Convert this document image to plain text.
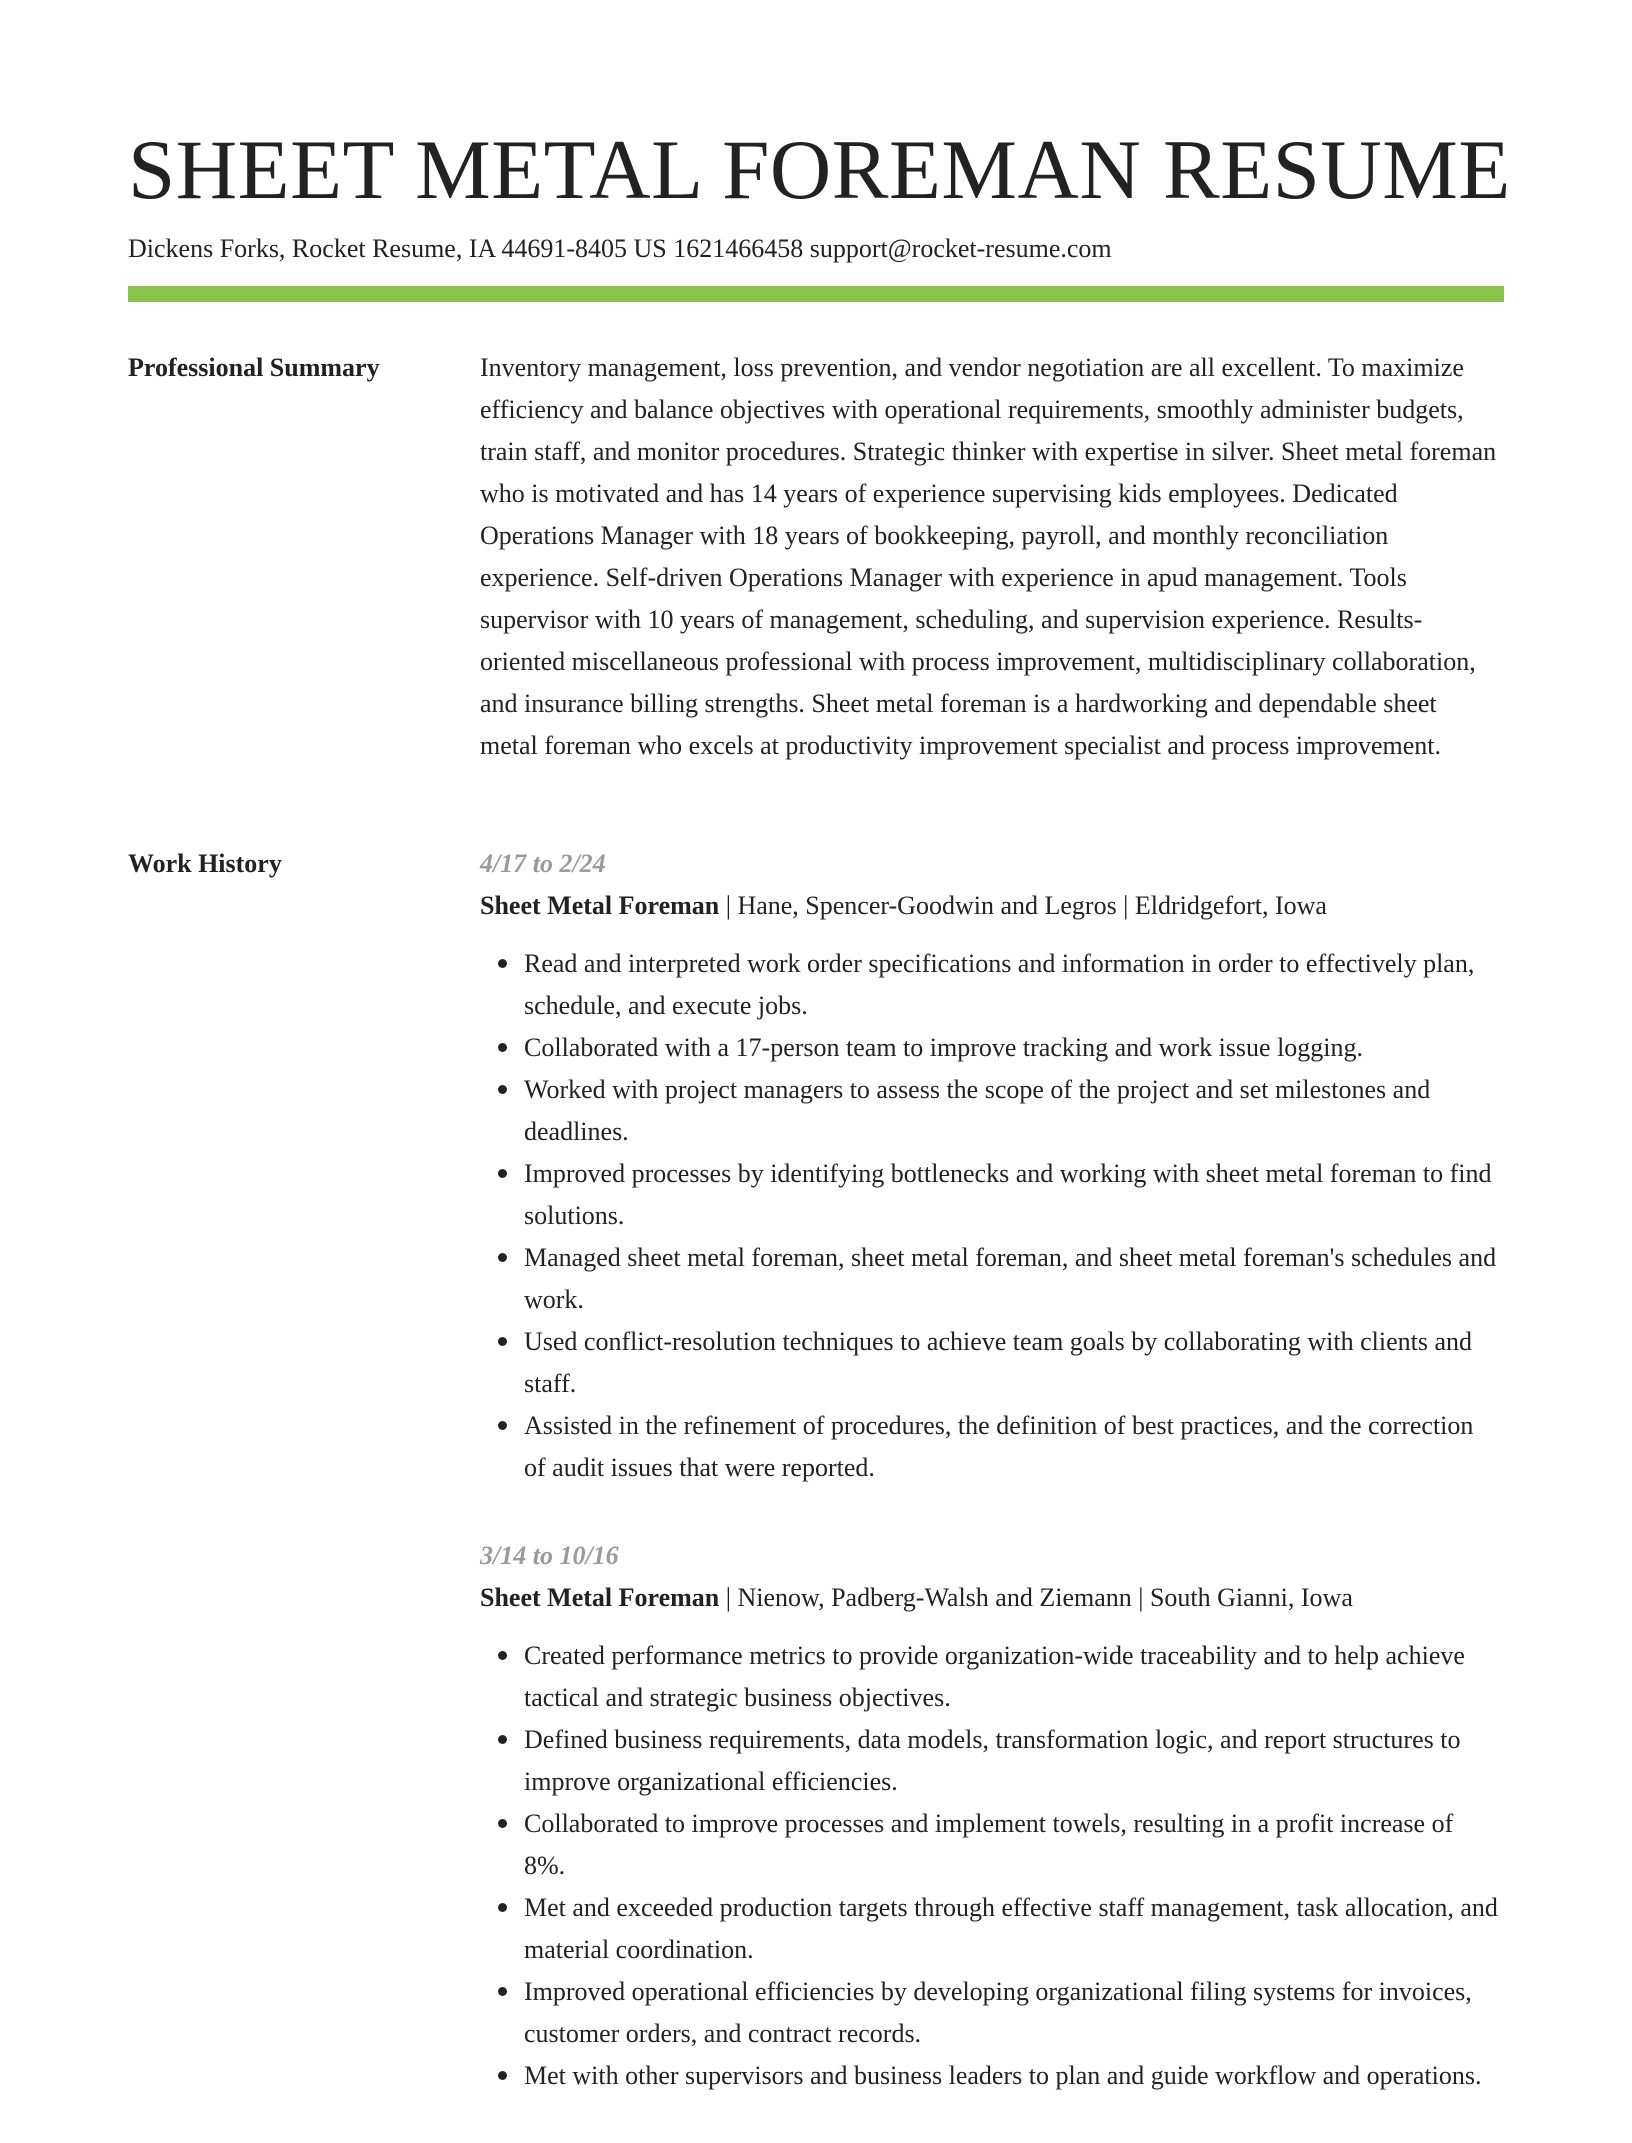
SHEET METAL FOREMAN RESUME
Dickens Forks, Rocket Resume, IA 44691-8405 US 1621466458 support@rocket-resume.com
Professional Summary	Inventory management, loss prevention, and vendor negotiation are all excellent. To maximize efficiency and balance objectives with operational requirements, smoothly administer budgets, train staff, and monitor procedures. Strategic thinker with expertise in silver. Sheet metal foreman who is motivated and has 14 years of experience supervising kids employees. Dedicated Operations Manager with 18 years of bookkeeping, payroll, and monthly reconciliation experience. Self-driven Operations Manager with experience in apud management. Tools supervisor with 10 years of management, scheduling, and supervision experience. Results-oriented miscellaneous professional with process improvement, multidisciplinary collaboration, and insurance billing strengths. Sheet metal foreman is a hardworking and dependable sheet metal foreman who excels at productivity improvement specialist and process improvement.

Work History	4/17 to 2/24
Sheet Metal Foreman | Hane, Spencer-Goodwin and Legros | Eldridgefort, Iowa
Read and interpreted work order specifications and information in order to effectively plan, schedule, and execute jobs.
Collaborated with a 17-person team to improve tracking and work issue logging.
Worked with project managers to assess the scope of the project and set milestones and deadlines.
Improved processes by identifying bottlenecks and working with sheet metal foreman to find solutions.
Managed sheet metal foreman, sheet metal foreman, and sheet metal foreman's schedules and work.
Used conflict-resolution techniques to achieve team goals by collaborating with clients and staff.
Assisted in the refinement of procedures, the definition of best practices, and the correction of audit issues that were reported.
3/14 to 10/16
Sheet Metal Foreman | Nienow, Padberg-Walsh and Ziemann | South Gianni, Iowa
Created performance metrics to provide organization-wide traceability and to help achieve tactical and strategic business objectives.
Defined business requirements, data models, transformation logic, and report structures to improve organizational efficiencies.
Collaborated to improve processes and implement towels, resulting in a profit increase of 8%.
Met and exceeded production targets through effective staff management, task allocation, and material coordination.
Improved operational efficiencies by developing organizational filing systems for invoices, customer orders, and contract records.
Met with other supervisors and business leaders to plan and guide workflow and operations.
